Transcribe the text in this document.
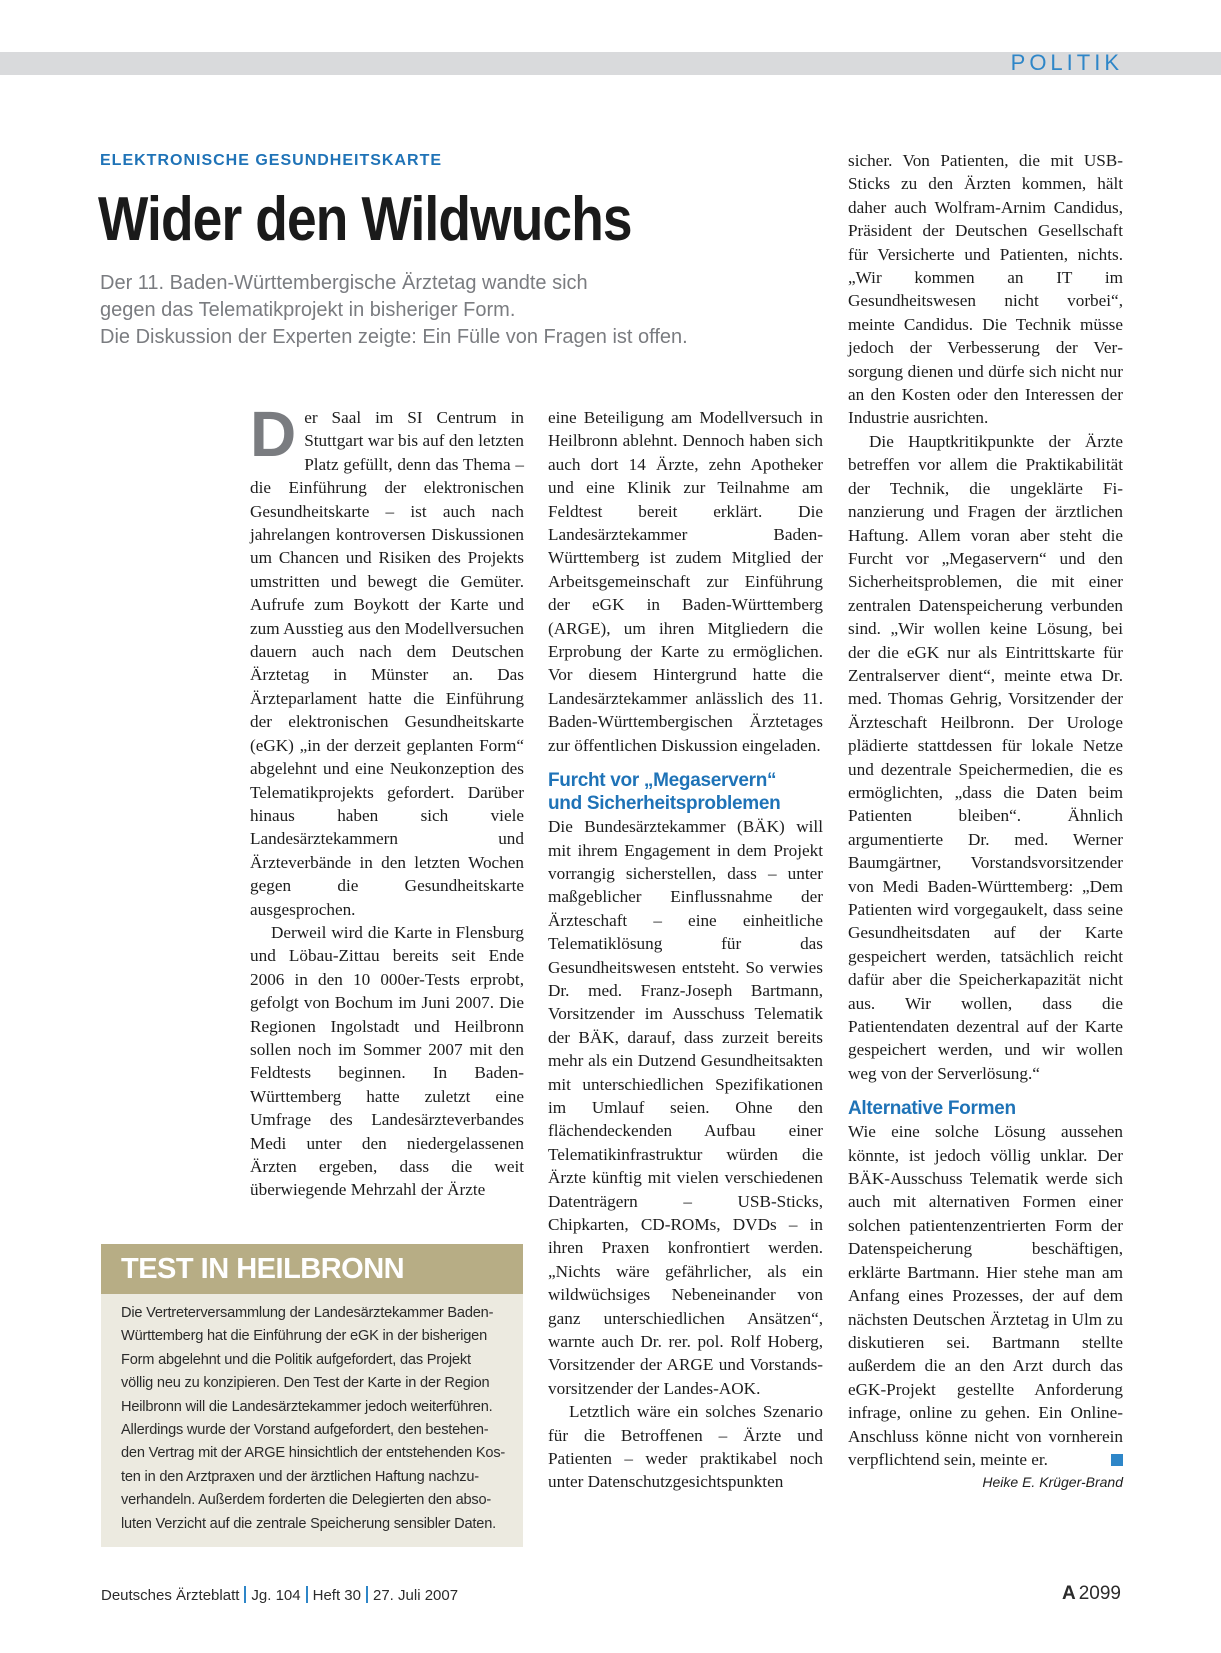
POLITIK
ELEKTRONISCHE GESUNDHEITSKARTE
Wider den Wildwuchs
Der 11. Baden-Württembergische Ärztetag wandte sich
gegen das Telematikprojekt in bisheriger Form.
Die Diskussion der Experten zeigte: Ein Fülle von Fragen ist offen.
D er Saal im SI Centrum in Stuttgart war bis auf den letzten Platz gefüllt, denn das Thema – die Einführung der elektronischen Gesundheitskarte – ist auch nach jahrelangen kontroversen Diskussionen um Chancen und Risiken des Projekts umstritten und bewegt die Gemüter. Aufrufe zum Boykott der Karte und zum Ausstieg aus den Modellversuchen dauern auch nach dem Deutschen Ärztetag in Münster an. Das Ärzteparlament hatte die Einführung der elektronischen Gesundheitskarte (eGK) „in der derzeit geplanten Form“ abgelehnt und eine Neukonzeption des Telematikprojekts gefordert. Darüber hinaus haben sich viele Landesärztekammern und Ärzteverbände in den letzten Wochen gegen die Gesundheitskarte ausgesprochen.

Derweil wird die Karte in Flensburg und Löbau-Zittau bereits seit Ende 2006 in den 10 000er-Tests erprobt, gefolgt von Bochum im Juni 2007. Die Regionen Ingolstadt und Heilbronn sollen noch im Sommer 2007 mit den Feldtests beginnen. In Baden-Württemberg hatte zuletzt eine Umfrage des Landesärzteverbandes Medi unter den niedergelassenen Ärzten ergeben, dass die weit überwiegende Mehrzahl der Ärzte

eine Beteiligung am Modellversuch in Heilbronn ablehnt. Dennoch haben sich auch dort 14 Ärzte, zehn Apotheker und eine Klinik zur Teilnahme am Feldtest bereit erklärt. Die Landesärztekammer Baden-Württemberg ist zudem Mitglied der Arbeitsgemeinschaft zur Einführung der eGK in Baden-Württemberg (ARGE), um ihren Mitgliedern die Erprobung der Karte zu ermöglichen. Vor diesem Hintergrund hatte die Landesärztekammer anlässlich des 11. Baden-Württembergischen Ärztetages zur öffentlichen Diskussion eingeladen.

Furcht vor „Megaservern“
und Sicherheitsproblemen

Die Bundesärztekammer (BÄK) will mit ihrem Engagement in dem Projekt vorrangig sicherstellen, dass – unter maßgeblicher Einflussnahme der Ärzteschaft – eine einheitliche Telematiklösung für das Gesundheitswesen entsteht. So verwies Dr. med. Franz-Joseph Bartmann, Vorsitzender im Ausschuss Telematik der BÄK, darauf, dass zurzeit bereits mehr als ein Dutzend Gesundheitsakten mit unterschiedlichen Spezifikationen im Umlauf seien. Ohne den flächendeckenden Aufbau einer Telematikinfrastruktur würden die Ärzte künftig mit vielen verschiedenen Datenträgern – USB-Sticks, Chipkarten, CD-ROMs, DVDs – in ihren Praxen konfrontiert werden. „Nichts wäre gefährlicher, als ein wildwüchsiges Nebeneinander von ganz unterschiedlichen Ansätzen“, warnte auch Dr. rer. pol. Rolf Hoberg, Vorsitzender der ARGE und Vorstandsvorsitzender der Landes-AOK.

Letztlich wäre ein solches Szenario für die Betroffenen – Ärzte und Patienten – weder praktikabel noch unter Datenschutzgesichtspunkten

sicher. Von Patienten, die mit USB-Sticks zu den Ärzten kommen, hält daher auch Wolfram-Arnim Candidus, Präsident der Deutschen Gesellschaft für Versicherte und Patienten, nichts. „Wir kommen an IT im Gesundheitswesen nicht vorbei“, meinte Candidus. Die Technik müsse jedoch der Verbesserung der Versorgung dienen und dürfe sich nicht nur an den Kosten oder den Interessen der Industrie ausrichten.

Die Hauptkritikpunkte der Ärzte betreffen vor allem die Praktikabilität der Technik, die ungeklärte Finanzierung und Fragen der ärztlichen Haftung. Allem voran aber steht die Furcht vor „Megaservern“ und den Sicherheitsproblemen, die mit einer zentralen Datenspeicherung verbunden sind. „Wir wollen keine Lösung, bei der die eGK nur als Eintrittskarte für Zentralserver dient“, meinte etwa Dr. med. Thomas Gehrig, Vorsitzender der Ärzteschaft Heilbronn. Der Urologe plädierte stattdessen für lokale Netze und dezentrale Speichermedien, die es ermöglichten, „dass die Daten beim Patienten bleiben“. Ähnlich argumentierte Dr. med. Werner Baumgärtner, Vorstandsvorsitzender von Medi Baden-Württemberg: „Dem Patienten wird vorgegaukelt, dass seine Gesundheitsdaten auf der Karte gespeichert werden, tatsächlich reicht dafür aber die Speicherkapazität nicht aus. Wir wollen, dass die Patientendaten dezentral auf der Karte gespeichert werden, und wir wollen weg von der Serverlösung.“

Alternative Formen

Wie eine solche Lösung aussehen könnte, ist jedoch völlig unklar. Der BÄK-Ausschuss Telematik werde sich auch mit alternativen Formen einer solchen patientenzentrierten Form der Datenspeicherung beschäftigen, erklärte Bartmann. Hier stehe man am Anfang eines Prozesses, der auf dem nächsten Deutschen Ärztetag in Ulm zu diskutieren sei. Bartmann stellte außerdem die an den Arzt durch das eGK-Projekt gestellte Anforderung infrage, online zu gehen. Ein Online-Anschluss könne nicht von vornherein verpflichtend sein, meinte er.

Heike E. Krüger-Brand
TEST IN HEILBRONN
Die Vertreterversammlung der Landesärztekammer Baden-
Württemberg hat die Einführung der eGK in der bisherigen
Form abgelehnt und die Politik aufgefordert, das Projekt
völlig neu zu konzipieren. Den Test der Karte in der Region
Heilbronn will die Landesärztekammer jedoch weiterführen.
Allerdings wurde der Vorstand aufgefordert, den bestehen-
den Vertrag mit der ARGE hinsichtlich der entstehenden Kos-
ten in den Arztpraxen und der ärztlichen Haftung nachzu-
verhandeln. Außerdem forderten die Delegierten den abso-
luten Verzicht auf die zentrale Speicherung sensibler Daten.
Deutsches Ärzteblatt Jg. 104 Heft 30 27. Juli 2007	A 2099
